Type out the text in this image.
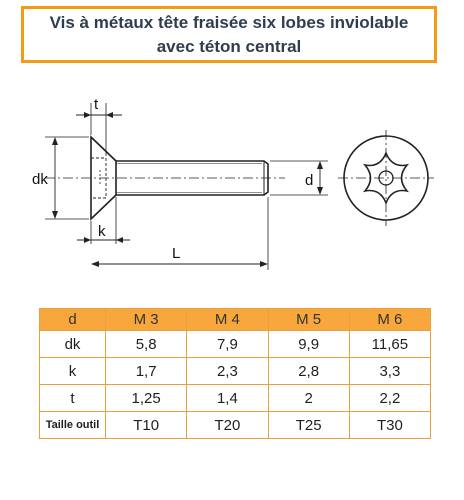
Vis à métaux tête fraisée six lobes inviolable
avec téton central
t
dk
k
d
L
d	M 3	M 4	M 5	M 6
dk	5,8	7,9	9,9	11,65
k	1,7	2,3	2,8	3,3
t	1,25	1,4	2	2,2
Taille outil	T10	T20	T25	T30
